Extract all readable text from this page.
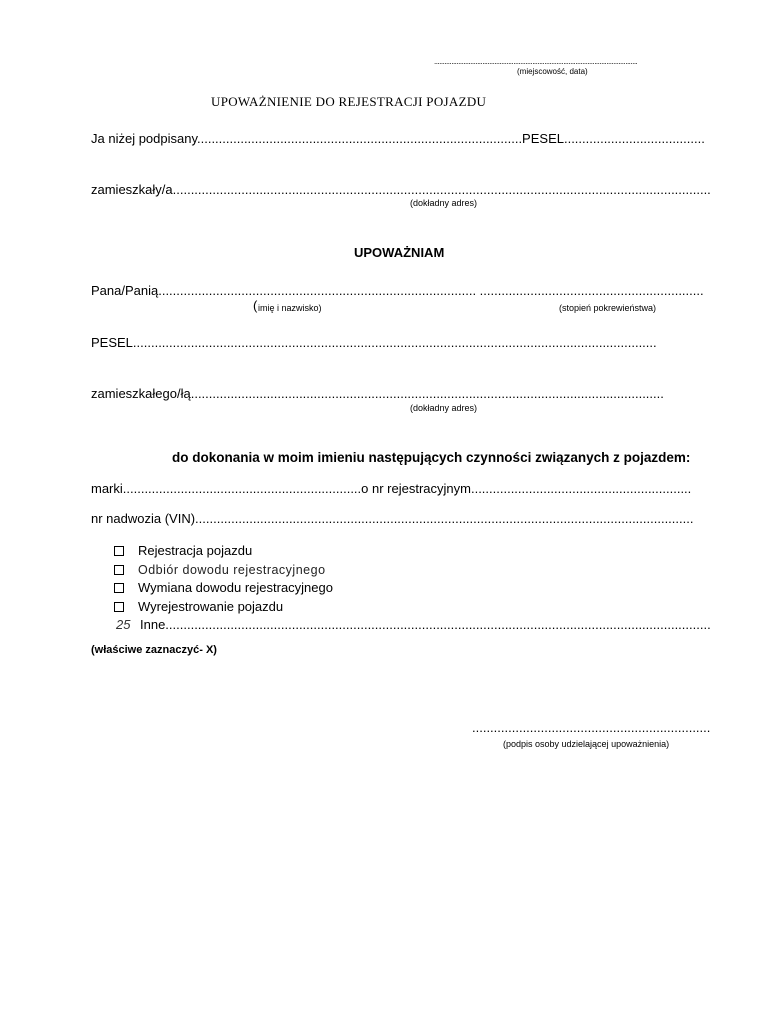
......................................................................................................................
(miejscowość, data)
UPOWAŻNIENIE DO REJESTRACJI POJAZDU
Ja niżej podpisany..........................................................................................PESEL.......................................
zamieszkały/a.....................................................................................................................................................
(dokładny adres)
UPOWAŻNIAM
Pana/Panią........................................................................................ ..............................................................
( imię i nazwisko)	(stopień pokrewieństwa)
PESEL.................................................................................................................................................
zamieszkałego/łą...................................................................................................................................
(dokładny adres)
do dokonania w moim imieniu następujących czynności związanych z pojazdem:
marki..................................................................o nr rejestracyjnym.............................................................
nr nadwozia (VIN)..........................................................................................................................................
Rejestracja pojazdu
Odbiór dowodu rejestracyjnego
Wymiana dowodu rejestracyjnego
Wyrejestrowanie pojazdu
25 Inne.......................................................................................................................................................
(właściwe zaznaczyć- X)
..................................................................
(podpis osoby udzielającej upoważnienia)
